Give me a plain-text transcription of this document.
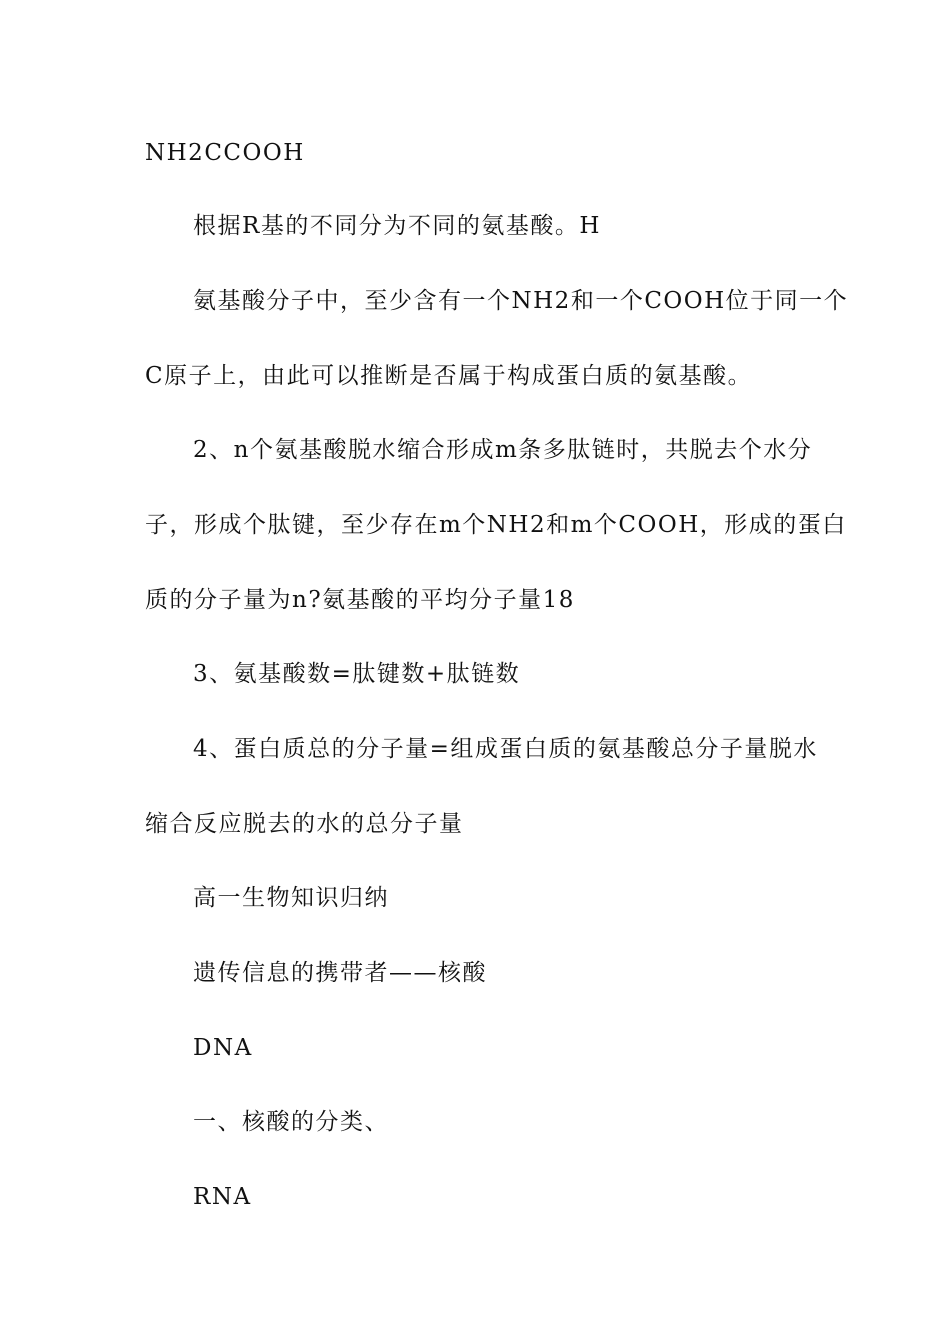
NH2CCOOH
根据R基的不同分为不同的氨基酸。H
氨基酸分子中，至少含有一个NH2和一个COOH位于同一个
C原子上，由此可以推断是否属于构成蛋白质的氨基酸。
2、n个氨基酸脱水缩合形成m条多肽链时，共脱去个水分
子，形成个肽键，至少存在m个NH2和m个COOH，形成的蛋白
质的分子量为n?氨基酸的平均分子量18
3、氨基酸数=肽键数+肽链数
4、蛋白质总的分子量=组成蛋白质的氨基酸总分子量脱水
缩合反应脱去的水的总分子量
高一生物知识归纳
遗传信息的携带者——核酸
DNA
一、核酸的分类、
RNA
